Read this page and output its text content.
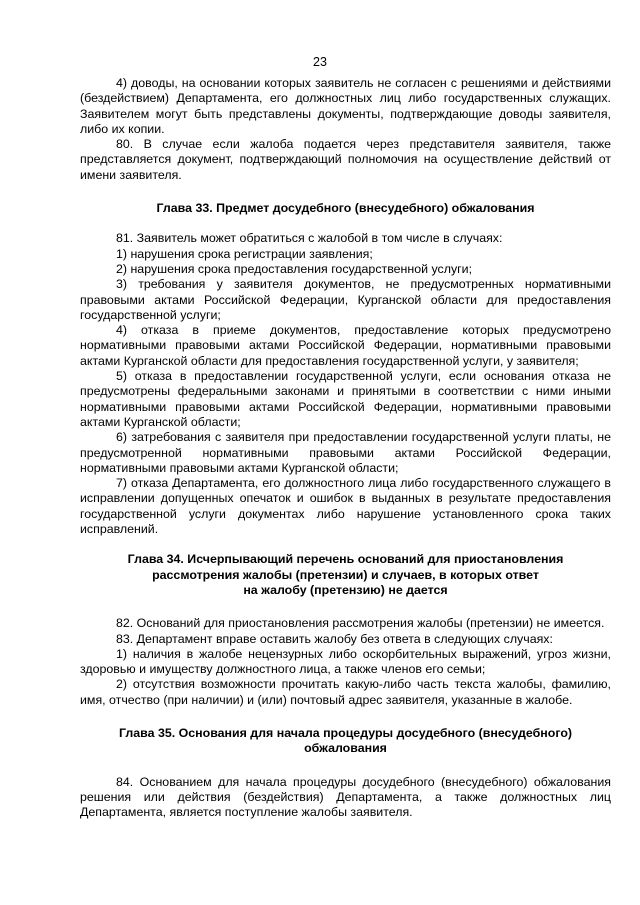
23

4) доводы, на основании которых заявитель не согласен с решениями и действиями (бездействием) Департамента, его должностных лиц либо государственных служащих. Заявителем могут быть представлены документы, подтверждающие доводы заявителя, либо их копии.

80. В случае если жалоба подается через представителя заявителя, также представляется документ, подтверждающий полномочия на осуществление действий от имени заявителя.

Глава 33. Предмет досудебного (внесудебного) обжалования

81. Заявитель может обратиться с жалобой в том числе в случаях:

1) нарушения срока регистрации заявления;

2) нарушения срока предоставления государственной услуги;

3) требования у заявителя документов, не предусмотренных нормативными правовыми актами Российской Федерации, Курганской области для предоставления государственной услуги;

4) отказа в приеме документов, предоставление которых предусмотрено нормативными правовыми актами Российской Федерации, нормативными правовыми актами Курганской области для предоставления государственной услуги, у заявителя;

5) отказа в предоставлении государственной услуги, если основания отказа не предусмотрены федеральными законами и принятыми в соответствии с ними иными нормативными правовыми актами Российской Федерации, нормативными правовыми актами Курганской области;

6) затребования с заявителя при предоставлении государственной услуги платы, не предусмотренной нормативными правовыми актами Российской Федерации, нормативными правовыми актами Курганской области;

7) отказа Департамента, его должностного лица либо государственного служащего в исправлении допущенных опечаток и ошибок в выданных в результате предоставления государственной услуги документах либо нарушение установленного срока таких исправлений.

Глава 34. Исчерпывающий перечень оснований для приостановления

рассмотрения жалобы (претензии) и случаев, в которых ответ

на жалобу (претензию) не дается

82. Оснований для приостановления рассмотрения жалобы (претензии) не имеется.

83. Департамент вправе оставить жалобу без ответа в следующих случаях:

1) наличия в жалобе нецензурных либо оскорбительных выражений, угроз жизни, здоровью и имуществу должностного лица, а также членов его семьи;

2) отсутствия возможности прочитать какую-либо часть текста жалобы, фамилию, имя, отчество (при наличии) и (или) почтовый адрес заявителя, указанные в жалобе.

Глава 35. Основания для начала процедуры досудебного (внесудебного)

обжалования

84. Основанием для начала процедуры досудебного (внесудебного) обжалования решения или действия (бездействия) Департамента, а также должностных лиц Департамента, является поступление жалобы заявителя.
